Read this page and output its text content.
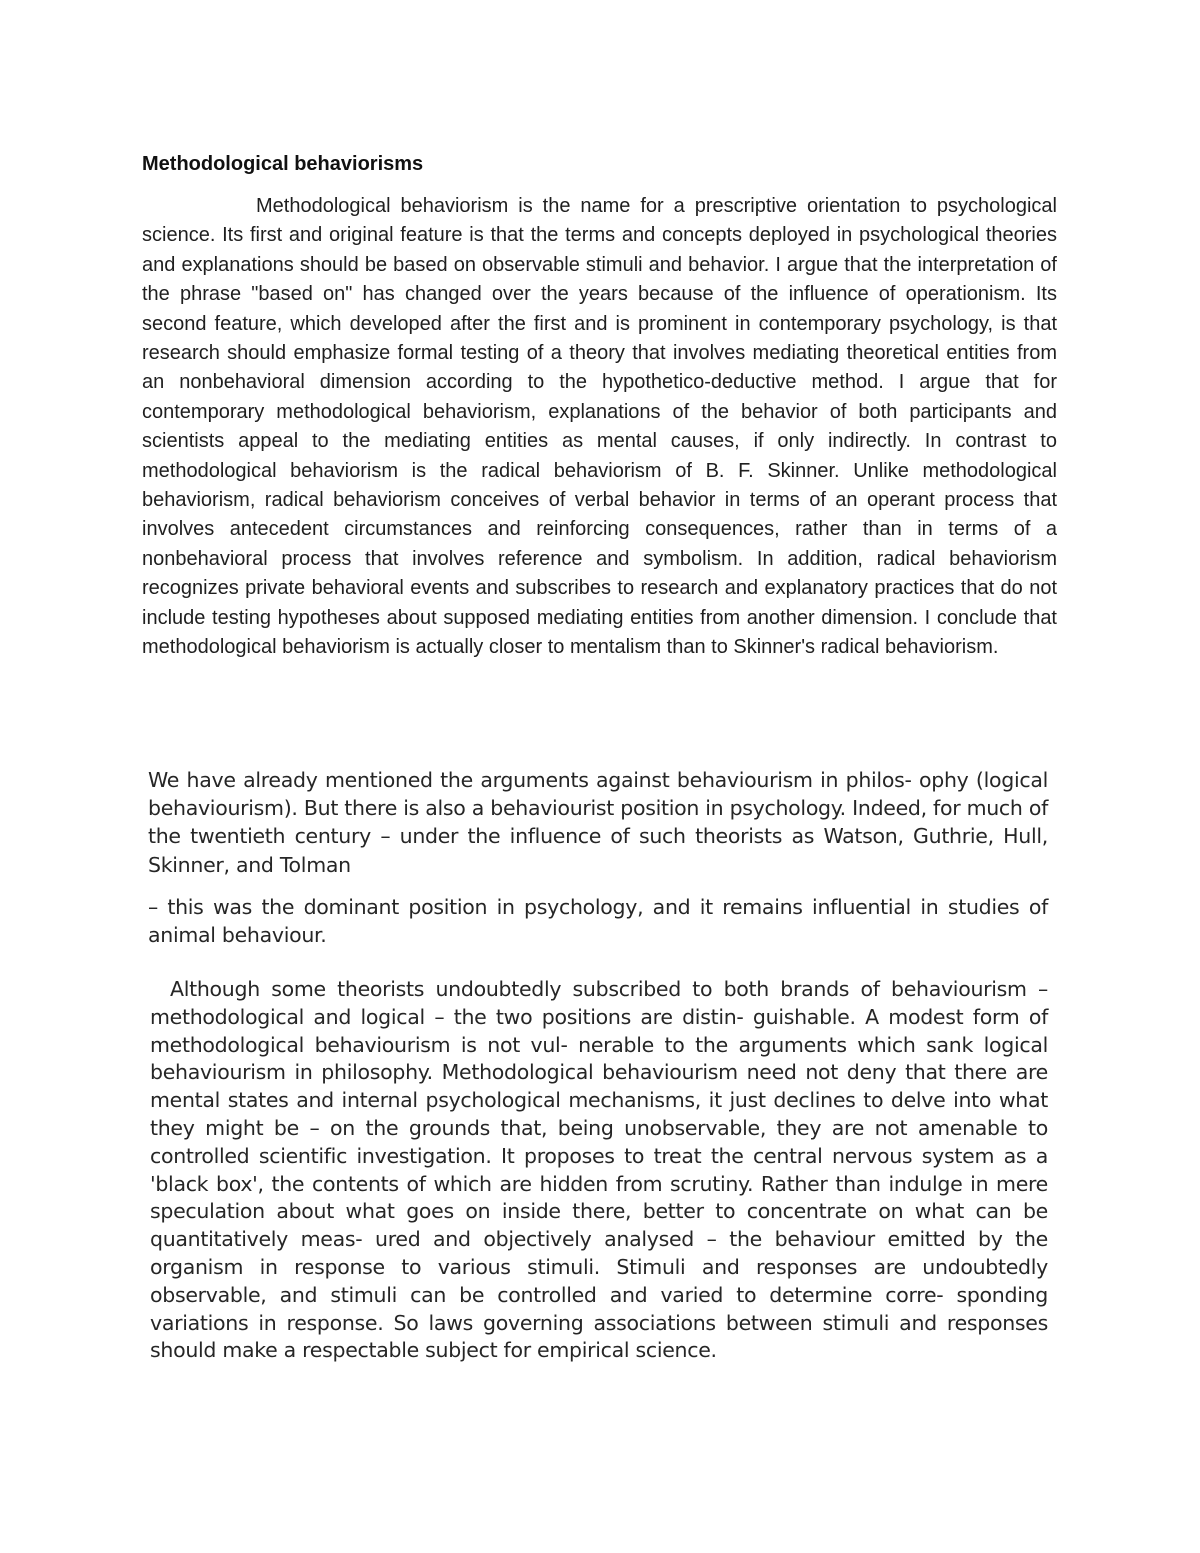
Methodological behaviorisms

Methodological behaviorism is the name for a prescriptive orientation to psychological science. Its first and original feature is that the terms and concepts deployed in psychological theories and explanations should be based on observable stimuli and behavior. I argue that the interpretation of the phrase "based on" has changed over the years because of the influence of operationism. Its second feature, which developed after the first and is prominent in contemporary psychology, is that research should emphasize formal testing of a theory that involves mediating theoretical entities from an nonbehavioral dimension according to the hypothetico-deductive method. I argue that for contemporary methodological behaviorism, explanations of the behavior of both participants and scientists appeal to the mediating entities as mental causes, if only indirectly. In contrast to methodological behaviorism is the radical behaviorism of B. F. Skinner. Unlike methodological behaviorism, radical behaviorism conceives of verbal behavior in terms of an operant process that involves antecedent circumstances and reinforcing consequences, rather than in terms of a nonbehavioral process that involves reference and symbolism. In addition, radical behaviorism recognizes private behavioral events and subscribes to research and explanatory practices that do not include testing hypotheses about supposed mediating entities from another dimension. I conclude that methodological behaviorism is actually closer to mentalism than to Skinner's radical behaviorism.

We have already mentioned the arguments against behaviourism in philos- ophy (logical behaviourism). But there is also a behaviourist position in psychology. Indeed, for much of the twentieth century – under the influence of such theorists as Watson, Guthrie, Hull, Skinner, and Tolman

– this was the dominant position in psychology, and it remains influential in studies of animal behaviour.

Although some theorists undoubtedly subscribed to both brands of behaviourism – methodological and logical – the two positions are distin- guishable. A modest form of methodological behaviourism is not vul- nerable to the arguments which sank logical behaviourism in philosophy. Methodological behaviourism need not deny that there are mental states and internal psychological mechanisms, it just declines to delve into what they might be – on the grounds that, being unobservable, they are not amenable to controlled scientific investigation. It proposes to treat the central nervous system as a 'black box', the contents of which are hidden from scrutiny. Rather than indulge in mere speculation about what goes on inside there, better to concentrate on what can be quantitatively meas- ured and objectively analysed – the behaviour emitted by the organism in response to various stimuli. Stimuli and responses are undoubtedly observable, and stimuli can be controlled and varied to determine corre- sponding variations in response. So laws governing associations between stimuli and responses should make a respectable subject for empirical science.
